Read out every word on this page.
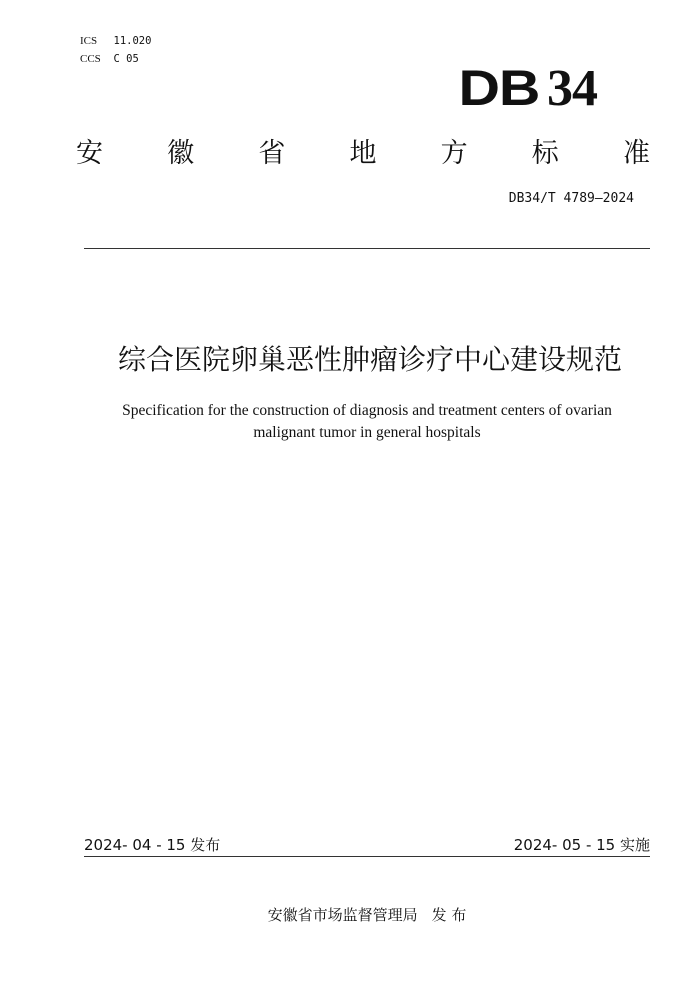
ICS 11.020
CCS C 05
DB 34
安 徽 省 地 方 标 准
DB34/T 4789—2024
综合医院卵巢恶性肿瘤诊疗中心建设规范
Specification for the construction of diagnosis and treatment centers of ovarian
malignant tumor in general hospitals
2024- 04 - 15 发布	2024- 05 - 15 实施
安徽省市场监督管理局 发 布
